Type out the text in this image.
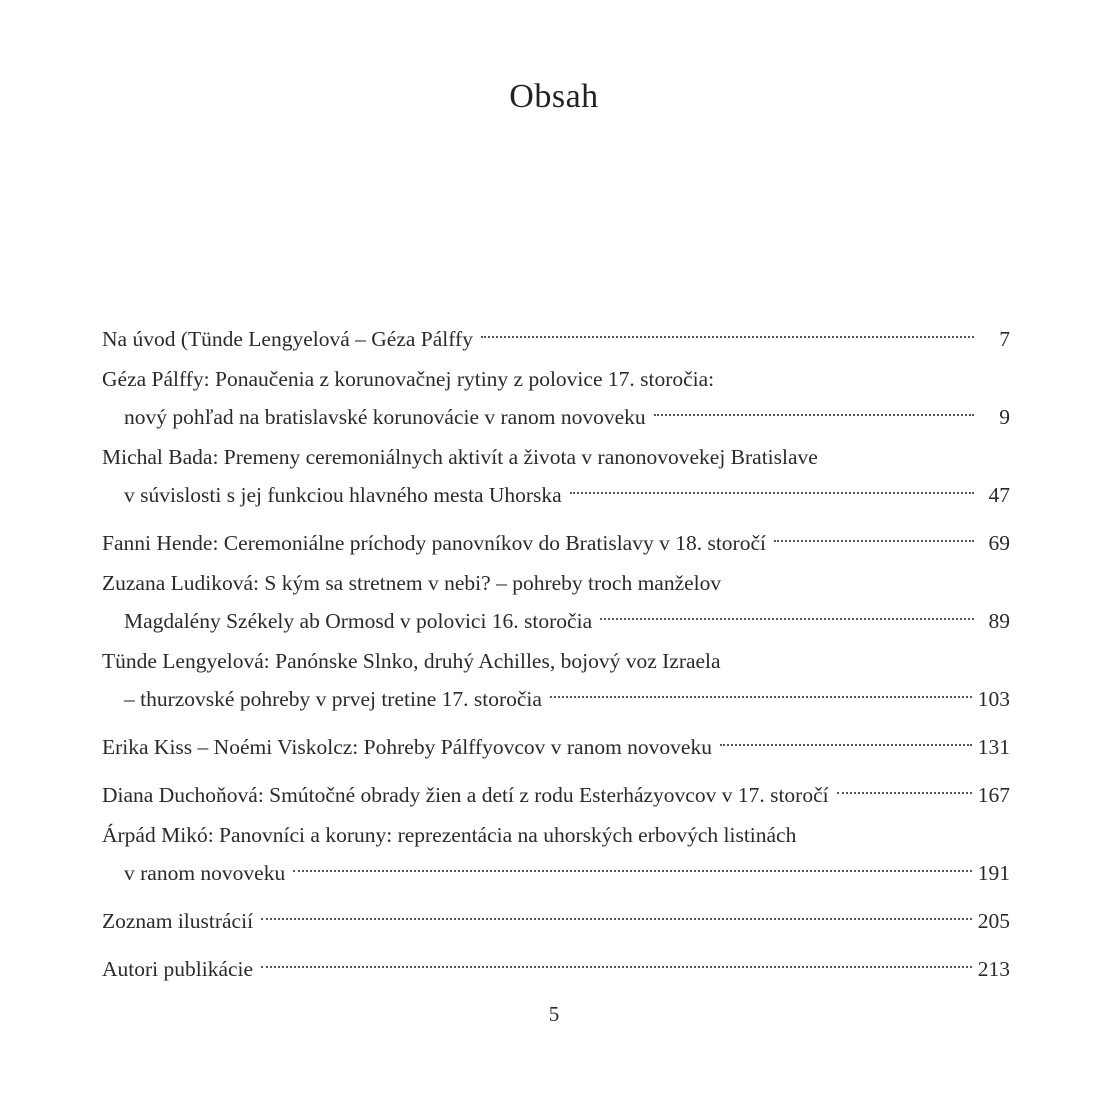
Obsah
Na úvod (Tünde Lengyelová – Géza Pálffy	7
Géza Pálffy: Ponaučenia z korunovačnej rytiny z polovice 17. storočia:
nový pohľad na bratislavské korunovácie v ranom novoveku	9
Michal Bada: Premeny ceremoniálnych aktivít a života v ranonovovekej Bratislave
v súvislosti s jej funkciou hlavného mesta Uhorska	47
Fanni Hende: Ceremoniálne príchody panovníkov do Bratislavy v 18. storočí	69
Zuzana Ludiková: S kým sa stretnem v nebi? – pohreby troch manželov
Magdalény Székely ab Ormosd v polovici 16. storočia	89
Tünde Lengyelová: Panónske Slnko, druhý Achilles, bojový voz Izraela
– thurzovské pohreby v prvej tretine 17. storočia	103
Erika Kiss – Noémi Viskolcz: Pohreby Pálffyovcov v ranom novoveku	131
Diana Duchoňová: Smútočné obrady žien a detí z rodu Esterházyovcov v 17. storočí	167
Árpád Mikó: Panovníci a koruny: reprezentácia na uhorských erbových listinách
v ranom novoveku	191
Zoznam ilustrácií	205
Autori publikácie	213
5
